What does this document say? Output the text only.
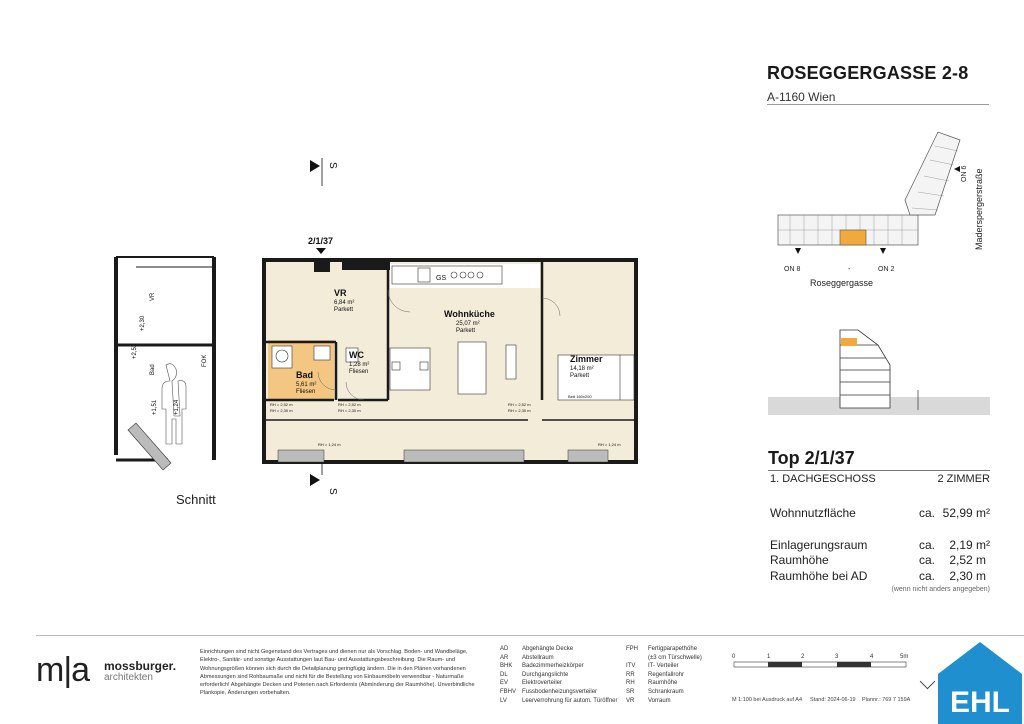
ROSEGGERGASSE 2-8
A-1160 Wien
ON 8	-	ON 2
Roseggergasse
ON 6 Maderspergerstraße
Top 2/1/37
1. DACHGESCHOSS	2 ZIMMER
Wohnnutzfläche	ca. 52,99 m²
Einlagerungsraum	ca.	2,19 m²
Raumhöhe	ca.	2,52 m
Raumhöhe bei AD	ca.	2,30 m
(wenn nicht anders angegeben)
S
S
2/1/37
VR
6,84 m²
Parkett	Wohnküche
25,07 m²
Parkett
Zimmer
14,18 m²
Parkett
Bad
5,61 m²
Fliesen
WC
1,28 m²
Fliesen
GS
RH = 2,52 m
RH = 2,30 m
RH = 2,52 m
RH = 2,30 m
RH = 2,52 m
RH = 2,30 m
RH = 1,24 m	RH = 1,24 m
Bett 160x200
VR
Bad
FOK
+2,30
+2,52
+1,51	+1,24
Schnitt
m|a mossburger.
architekten
Einrichtungen sind nicht Gegenstand des Vertrages und dienen nur als Vorschlag. Boden- und Wandbeläge, Elektro-, Sanitär- und sonstige Ausstattungen laut Bau- und Ausstattungsbeschreibung. Die Raum- und Wohnungsgrößen können sich durch die Detailplanung geringfügig ändern. Die in den Plänen vorhandenen Abmessungen sind Rohbaumaße und nicht für die Bestellung von Einbaumöbeln verwendbar - Naturmaße erforderlich! Abgehängte Decken und Poterien nach Erfordernis (Abminderung der Raumhöhe). Unverbindliche Plankopie, Änderungen vorbehalten.
AD Abgehängte Decke
AR Abstellraum
BHK Badezimmerheizkörper
DL Durchgangslichte
EV Elektroverteiler
FBHV Fussbodenheizungsverteiler
LV	Leerverrohrung für autom. Türöffner
FPH Fertigparapethöhe
(±3 cm Türschwelle)
ITV IT- Verteiler
RR Regenfallrohr
RH Raumhöhe
SR Schrankraum
VR Vorraum
0	1	2	3	4	5m
M 1:100 bei Ausdruck auf A4 Stand: 2024-06-19 Plannr.: 769 7 159A EHL
